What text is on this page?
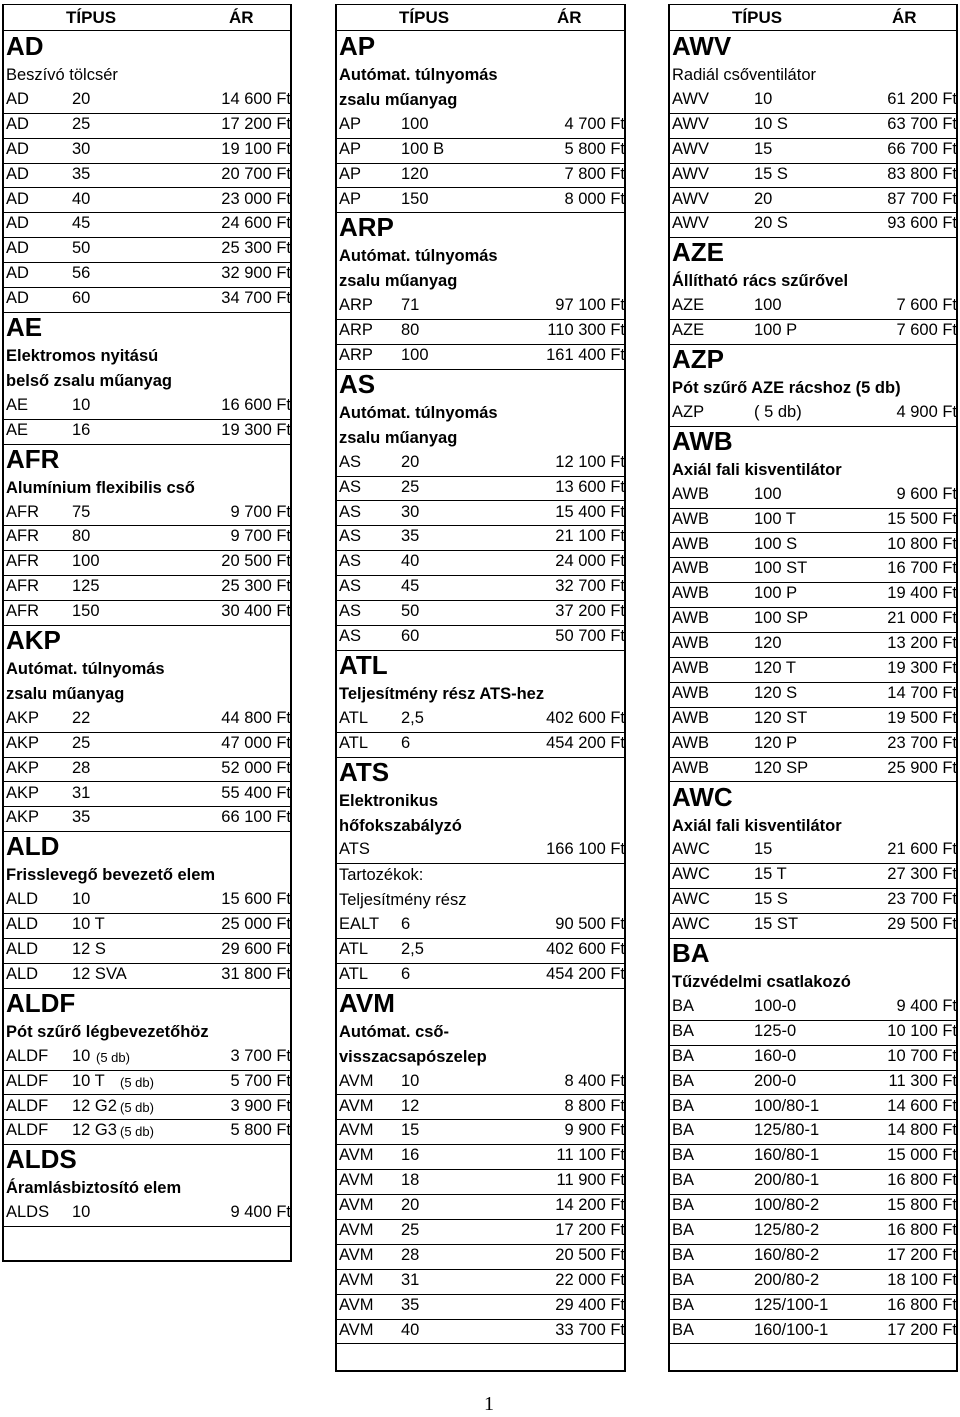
TÍPUS	ÁR
AD
Beszívó tölcsér
AD	20	14 600 Ft
AD	25	17 200 Ft
AD	30	19 100 Ft
AD	35	20 700 Ft
AD	40	23 000 Ft
AD	45	24 600 Ft
AD	50	25 300 Ft
AD	56	32 900 Ft
AD	60	34 700 Ft
AE
Elektromos nyitású
belső zsalu műanyag
AE	10	16 600 Ft
AE	16	19 300 Ft
AFR
Alumínium flexibilis cső
AFR 75	9 700 Ft
AFR 80	9 700 Ft
AFR 100	20 500 Ft
AFR 125	25 300 Ft
AFR 150	30 400 Ft
AKP
Autómat. túlnyomás
zsalu műanyag
AKP 22	44 800 Ft
AKP 25	47 000 Ft
AKP 28	52 000 Ft
AKP 31	55 400 Ft
AKP 35	66 100 Ft
ALD
Frisslevegő bevezető elem
ALD 10	15 600 Ft
ALD 10 T	25 000 Ft
ALD 12 S	29 600 Ft
ALD 12 SVA	31 800 Ft
ALDF
Pót szűrő légbevezetőhöz
ALDF 10 (5 db)	3 700 Ft
ALDF 10 T (5 db)	5 700 Ft
ALDF 12 G2 (5 db)	3 900 Ft
ALDF 12 G3 (5 db)	5 800 Ft
ALDS
Áramlásbiztosító elem
ALDS 10	9 400 Ft
TÍPUS	ÁR
AP
Autómat. túlnyomás
zsalu műanyag
AP 100	4 700 Ft
AP 100 B	5 800 Ft
AP 120	7 800 Ft
AP 150	8 000 Ft
ARP
Autómat. túlnyomás
zsalu műanyag
ARP 71	97 100 Ft
ARP 80	110 300 Ft
ARP 100	161 400 Ft
AS
Autómat. túlnyomás
zsalu műanyag
AS 20	12 100 Ft
AS 25	13 600 Ft
AS 30	15 400 Ft
AS 35	21 100 Ft
AS 40	24 000 Ft
AS 45	32 700 Ft
AS 50	37 200 Ft
AS 60	50 700 Ft
ATL
Teljesítmény rész ATS-hez
ATL 2,5	402 600 Ft
ATL 6	454 200 Ft
ATS
Elektronikus
hőfokszabályzó
ATS	166 100 Ft
Tartozékok:
Teljesítmény rész
EALT 6	90 500 Ft
ATL 2,5	402 600 Ft
ATL 6	454 200 Ft
AVM
Autómat. cső-
visszacsapószelep
AVM 10	8 400 Ft
AVM 12	8 800 Ft
AVM 15	9 900 Ft
AVM 16	11 100 Ft
AVM 18	11 900 Ft
AVM 20	14 200 Ft
AVM 25	17 200 Ft
AVM 28	20 500 Ft
AVM 31	22 000 Ft
AVM 35	29 400 Ft
AVM 40	33 700 Ft
TÍPUS	ÁR
AWV
Radiál csőventilátor
AWV	10	61 200 Ft
AWV	10 S	63 700 Ft
AWV	15	66 700 Ft
AWV	15 S	83 800 Ft
AWV	20	87 700 Ft
AWV	20 S	93 600 Ft
AZE
Állítható rács szűrővel
AZE	100	7 600 Ft
AZE	100 P	7 600 Ft
AZP
Pót szűrő AZE rácshoz (5 db)
AZP	( 5 db)	4 900 Ft
AWB
Axiál fali kisventilátor
AWB	100	9 600 Ft
AWB	100 T	15 500 Ft
AWB	100 S	10 800 Ft
AWB	100 ST	16 700 Ft
AWB	100 P	19 400 Ft
AWB	100 SP	21 000 Ft
AWB	120	13 200 Ft
AWB	120 T	19 300 Ft
AWB	120 S	14 700 Ft
AWB	120 ST	19 500 Ft
AWB	120 P	23 700 Ft
AWB	120 SP	25 900 Ft
AWC
Axiál fali kisventilátor
AWC	15	21 600 Ft
AWC	15 T	27 300 Ft
AWC	15 S	23 700 Ft
AWC	15 ST	29 500 Ft
BA
Tűzvédelmi csatlakozó
BA	100-0	9 400 Ft
BA	125-0	10 100 Ft
BA	160-0	10 700 Ft
BA	200-0	11 300 Ft
BA	100/80-1	14 600 Ft
BA	125/80-1	14 800 Ft
BA	160/80-1	15 000 Ft
BA	200/80-1	16 800 Ft
BA	100/80-2	15 800 Ft
BA	125/80-2	16 800 Ft
BA	160/80-2	17 200 Ft
BA	200/80-2	18 100 Ft
BA	125/100-1	16 800 Ft
BA	160/100-1	17 200 Ft
1
